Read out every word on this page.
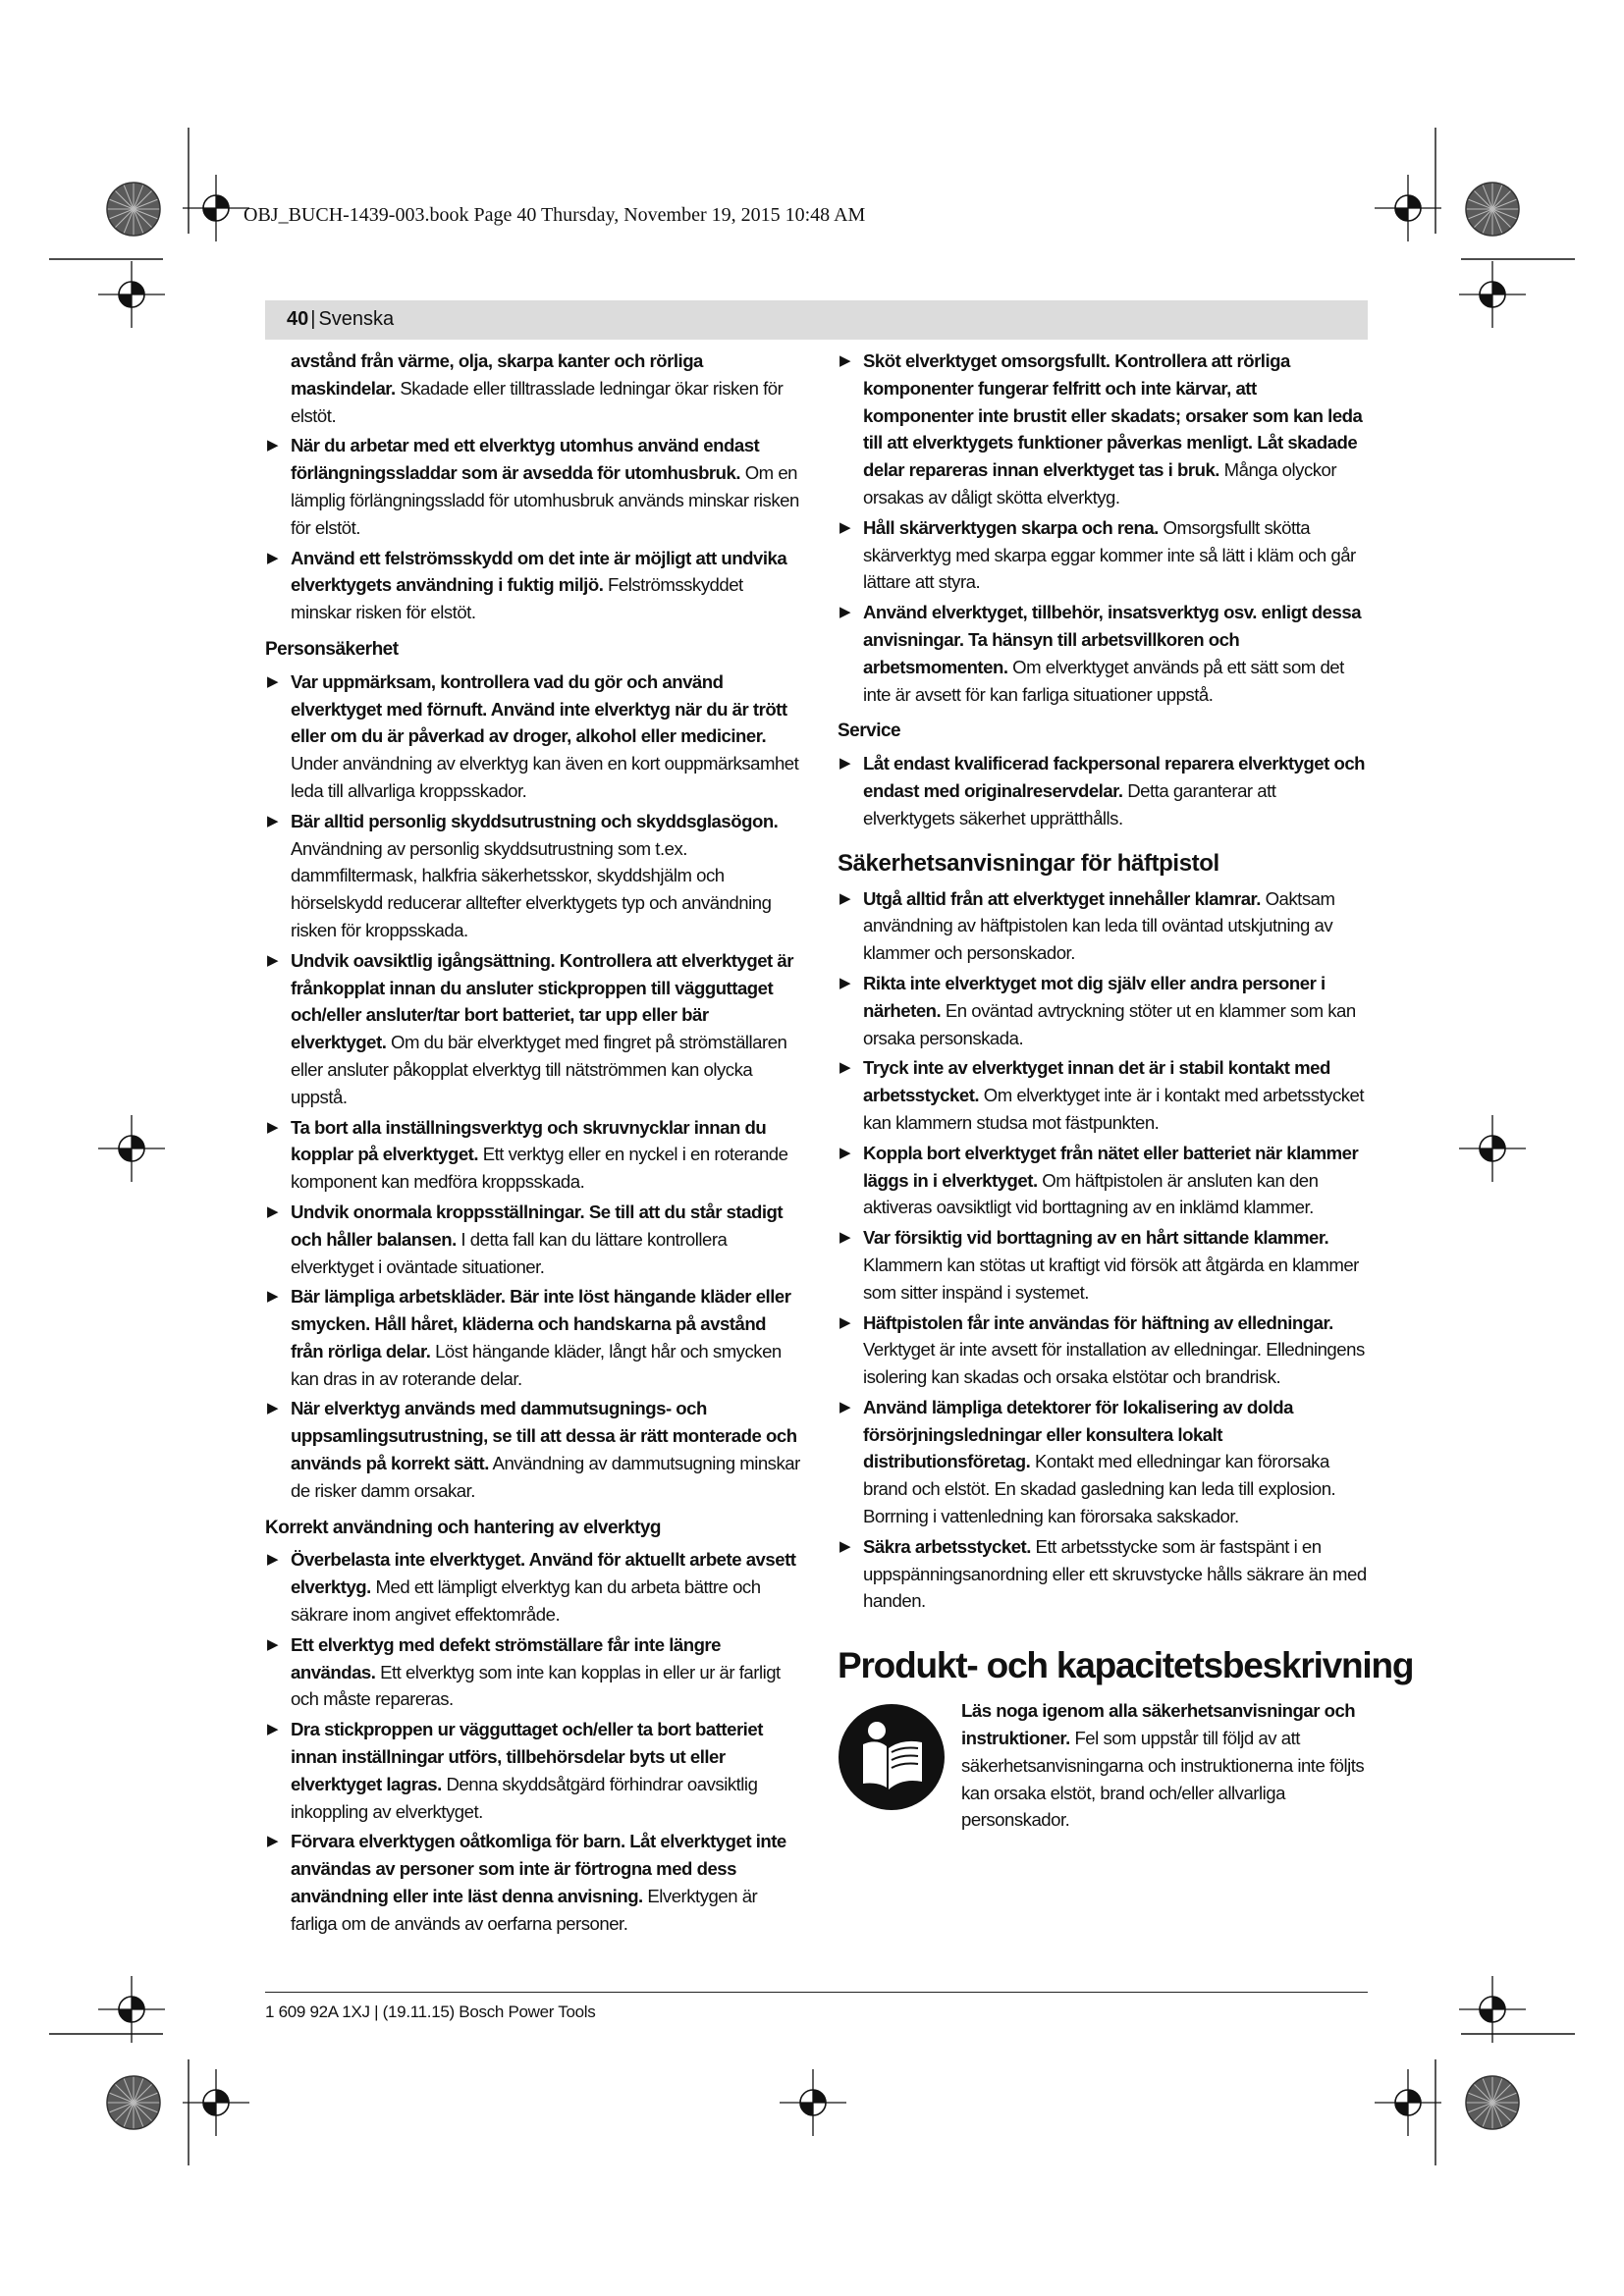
OBJ_BUCH-1439-003.book Page 40 Thursday, November 19, 2015 10:48 AM
40 | Svenska
avstånd från värme, olja, skarpa kanter och rörliga maskindelar. Skadade eller tilltrasslade ledningar ökar risken för elstöt.
▶ När du arbetar med ett elverktyg utomhus använd endast förlängningssladdar som är avsedda för utomhusbruk. Om en lämplig förlängningssladd för utomhusbruk används minskar risken för elstöt.
▶ Använd ett felströmsskydd om det inte är möjligt att undvika elverktygets användning i fuktig miljö. Felströmsskyddet minskar risken för elstöt.
Personsäkerhet
▶ Var uppmärksam, kontrollera vad du gör och använd elverktyget med förnuft. Använd inte elverktyg när du är trött eller om du är påverkad av droger, alkohol eller mediciner. Under användning av elverktyg kan även en kort ouppmärksamhet leda till allvarliga kroppsskador.
▶ Bär alltid personlig skyddsutrustning och skyddsglasögon. Användning av personlig skyddsutrustning som t.ex. dammfiltermask, halkfria säkerhetsskor, skyddshjälm och hörselskydd reducerar alltefter elverktygets typ och användning risken för kroppsskada.
▶ Undvik oavsiktlig igångsättning. Kontrollera att elverktyget är frånkopplat innan du ansluter stickproppen till vägguttaget och/eller ansluter/tar bort batteriet, tar upp eller bär elverktyget. Om du bär elverktyget med fingret på strömställaren eller ansluter påkopplat elverktyg till nätströmmen kan olycka uppstå.
▶ Ta bort alla inställningsverktyg och skruvnycklar innan du kopplar på elverktyget. Ett verktyg eller en nyckel i en roterande komponent kan medföra kroppsskada.
▶ Undvik onormala kroppsställningar. Se till att du står stadigt och håller balansen. I detta fall kan du lättare kontrollera elverktyget i oväntade situationer.
▶ Bär lämpliga arbetskläder. Bär inte löst hängande kläder eller smycken. Håll håret, kläderna och handskarna på avstånd från rörliga delar. Löst hängande kläder, långt hår och smycken kan dras in av roterande delar.
▶ När elverktyg används med dammutsugnings- och uppsamlingsutrustning, se till att dessa är rätt monterade och används på korrekt sätt. Användning av dammutsugning minskar de risker damm orsakar.
Korrekt användning och hantering av elverktyg
▶ Överbelasta inte elverktyget. Använd för aktuellt arbete avsett elverktyg. Med ett lämpligt elverktyg kan du arbeta bättre och säkrare inom angivet effektområde.
▶ Ett elverktyg med defekt strömställare får inte längre användas. Ett elverktyg som inte kan kopplas in eller ur är farligt och måste repareras.
▶ Dra stickproppen ur vägguttaget och/eller ta bort batteriet innan inställningar utförs, tillbehörsdelar byts ut eller elverktyget lagras. Denna skyddsåtgärd förhindrar oavsiktlig inkoppling av elverktyget.
▶ Förvara elverktygen oåtkomliga för barn. Låt elverktyget inte användas av personer som inte är förtrogna med dess användning eller inte läst denna anvisning. Elverktygen är farliga om de används av oerfarna personer.
▶ Sköt elverktyget omsorgsfullt. Kontrollera att rörliga komponenter fungerar felfritt och inte kärvar, att komponenter inte brustit eller skadats; orsaker som kan leda till att elverktygets funktioner påverkas menligt. Låt skadade delar repareras innan elverktyget tas i bruk. Många olyckor orsakas av dåligt skötta elverktyg.
▶ Håll skärverktygen skarpa och rena. Omsorgsfullt skötta skärverktyg med skarpa eggar kommer inte så lätt i kläm och går lättare att styra.
▶ Använd elverktyget, tillbehör, insatsverktyg osv. enligt dessa anvisningar. Ta hänsyn till arbetsvillkoren och arbetsmomenten. Om elverktyget används på ett sätt som det inte är avsett för kan farliga situationer uppstå.
Service
▶ Låt endast kvalificerad fackpersonal reparera elverktyget och endast med originalreservdelar. Detta garanterar att elverktygets säkerhet upprätthålls.
Säkerhetsanvisningar för häftpistol
▶ Utgå alltid från att elverktyget innehåller klamrar. Oaktsam användning av häftpistolen kan leda till oväntad utskjutning av klammer och personskador.
▶ Rikta inte elverktyget mot dig själv eller andra personer i närheten. En oväntad avtryckning stöter ut en klammer som kan orsaka personskada.
▶ Tryck inte av elverktyget innan det är i stabil kontakt med arbetsstycket. Om elverktyget inte är i kontakt med arbetsstycket kan klammern studsa mot fästpunkten.
▶ Koppla bort elverktyget från nätet eller batteriet när klammer läggs in i elverktyget. Om häftpistolen är ansluten kan den aktiveras oavsiktligt vid borttagning av en inklämd klammer.
▶ Var försiktig vid borttagning av en hårt sittande klammer. Klammern kan stötas ut kraftigt vid försök att åtgärda en klammer som sitter inspänd i systemet.
▶ Häftpistolen får inte användas för häftning av elledningar. Verktyget är inte avsett för installation av elledningar. Elledningens isolering kan skadas och orsaka elstötar och brandrisk.
▶ Använd lämpliga detektorer för lokalisering av dolda försörjningsledningar eller konsultera lokalt distributionsföretag. Kontakt med elledningar kan förorsaka brand och elstöt. En skadad gasledning kan leda till explosion. Borrning i vattenledning kan förorsaka sakskador.
▶ Säkra arbetsstycket. Ett arbetsstycke som är fastspänt i en uppspänningsanordning eller ett skruvstycke hålls säkrare än med handen.
Produkt- och kapacitetsbeskrivning
Läs noga igenom alla säkerhetsanvisningar och instruktioner. Fel som uppstår till följd av att säkerhetsanvisningarna och instruktionerna inte följts kan orsaka elstöt, brand och/eller allvarliga personskador.
1 609 92A 1XJ | (19.11.15) Bosch Power Tools
